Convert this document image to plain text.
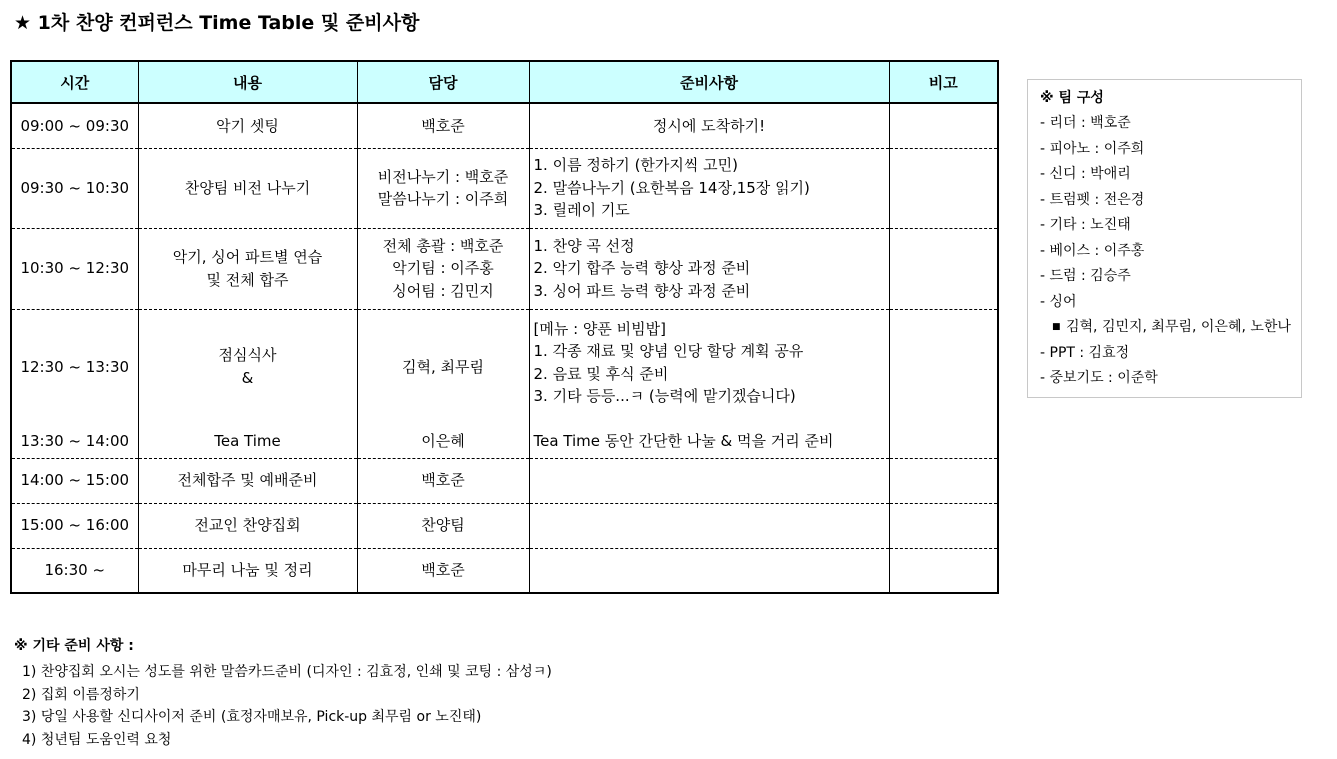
★ 1차 찬양 컨퍼런스 Time Table 및 준비사항
시간	내용	담당	준비사항	비고
09:00 ~ 09:30	악기 셋팅	백호준	정시에 도착하기!	

09:30 ~ 10:30	찬양팀 비전 나누기	비전나누기 : 백호준
말씀나누기 : 이주희	1. 이름 정하기 (한가지씩 고민)
2. 말씀나누기 (요한복음 14장,15장 읽기)
3. 릴레이 기도	

10:30 ~ 12:30	악기, 싱어 파트별 연습
및 전체 합주	전체 총괄 : 백호준
악기팀 : 이주홍
싱어팀 : 김민지	1. 찬양 곡 선정
2. 악기 합주 능력 향상 과정 준비
3. 싱어 파트 능력 향상 과정 준비	

12:30 ~ 13:30	점심식사
&	김혁, 최무림	[메뉴 : 양푼 비빔밥]
1. 각종 재료 및 양념 인당 할당 계획 공유
2. 음료 및 후식 준비
3. 기타 등등...ㅋ (능력에 맡기겠습니다)	

13:30 ~ 14:00	Tea Time	이은혜	Tea Time 동안 간단한 나눌 & 먹을 거리 준비	

14:00 ~ 15:00	전체합주 및 예배준비	백호준		

15:00 ~ 16:00	전교인 찬양집회	찬양팀		

16:30 ~	마무리 나눔 및 정리	백호준		

※ 팀 구성
- 리더 : 백호준
- 피아노 : 이주희
- 신디 : 박애리
- 트럼펫 : 전은경
- 기타 : 노진태
- 베이스 : 이주홍
- 드럼 : 김승주
- 싱어
■ 김혁, 김민지, 최무림, 이은혜, 노한나
- PPT : 김효정
- 중보기도 : 이준학
※ 기타 준비 사항 :
1) 찬양집회 오시는 성도를 위한 말씀카드준비 (디자인 : 김효정, 인쇄 및 코팅 : 삼성ㅋ)
2) 집회 이름정하기
3) 당일 사용할 신디사이저 준비 (효정자매보유, Pick-up 최무림 or 노진태)
4) 청년팀 도움인력 요청
